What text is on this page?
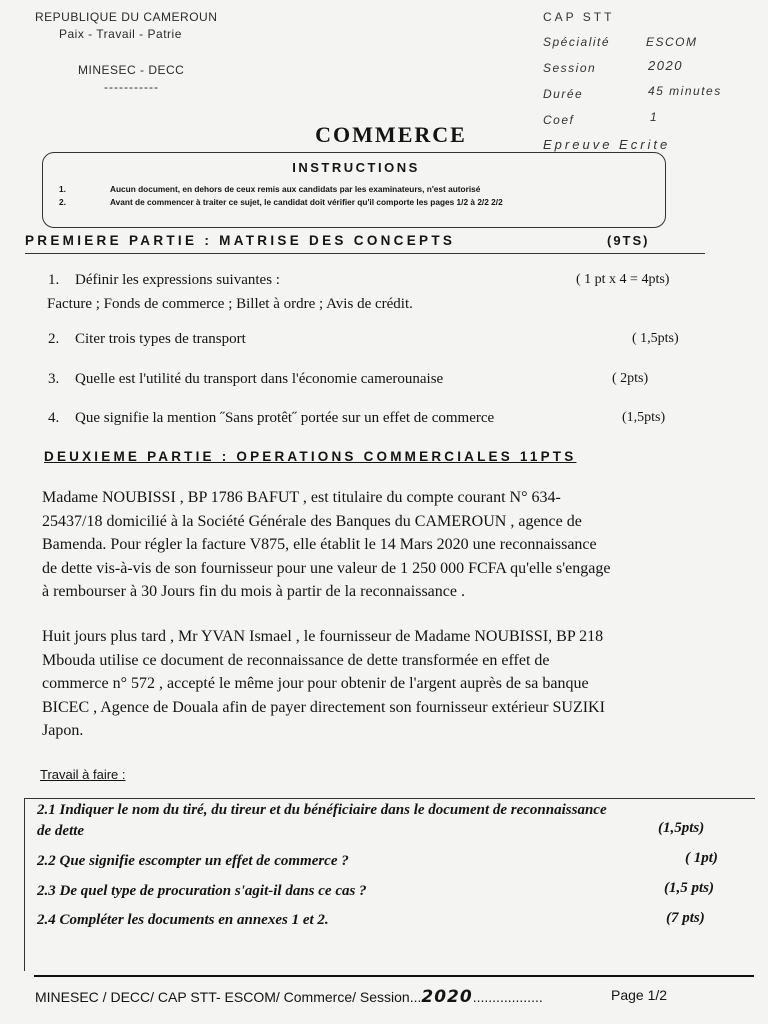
REPUBLIQUE DU CAMEROUN
Paix - Travail - Patrie
MINESEC - DECC
-----------
CAP STT
Spécialité	ESCOM
Session	2020
Durée	45 minutes
Coef	1
Epreuve Ecrite
COMMERCE
INSTRUCTIONS
1.	Aucun document, en dehors de ceux remis aux candidats par les examinateurs, n'est autorisé
2.	Avant de commencer à traiter ce sujet, le candidat doit vérifier qu'il comporte les pages 1/2 à 2/2 2/2
PREMIERE PARTIE : MATRISE DES CONCEPTS	(9TS)
1. Définir les expressions suivantes :	( 1 pt x 4 = 4pts)
Facture ; Fonds de commerce ; Billet à ordre ; Avis de crédit.
2. Citer trois types de transport	( 1,5pts)
3. Quelle est l'utilité du transport dans l'économie camerounaise	( 2pts)
4. Que signifie la mention ˝Sans protêt˝ portée sur un effet de commerce	(1,5pts)
DEUXIEME PARTIE : OPERATIONS COMMERCIALES 11PTS
Madame NOUBISSI , BP 1786 BAFUT , est titulaire du compte courant N° 634-
25437/18 domicilié à la Société Générale des Banques du CAMEROUN , agence de
Bamenda. Pour régler la facture V875, elle établit le 14 Mars 2020 une reconnaissance
de dette vis-à-vis de son fournisseur pour une valeur de 1 250 000 FCFA qu'elle s'engage
à rembourser à 30 Jours fin du mois à partir de la reconnaissance .
Huit jours plus tard , Mr YVAN Ismael , le fournisseur de Madame NOUBISSI, BP 218
Mbouda utilise ce document de reconnaissance de dette transformée en effet de
commerce n° 572 , accepté le même jour pour obtenir de l'argent auprès de sa banque
BICEC , Agence de Douala afin de payer directement son fournisseur extérieur SUZIKI
Japon.
Travail à faire :
2.1 Indiquer le nom du tiré, du tireur et du bénéficiaire dans le document de reconnaissance
de dette	(1,5pts)
2.2 Que signifie escompter un effet de commerce ?	( 1pt)
2.3 De quel type de procuration s'agit-il dans ce cas ?	(1,5 pts)
2.4 Compléter les documents en annexes 1 et 2.	(7 pts)
MINESEC / DECC/ CAP STT- ESCOM/ Commerce/ Session...2020..................	Page 1/2
